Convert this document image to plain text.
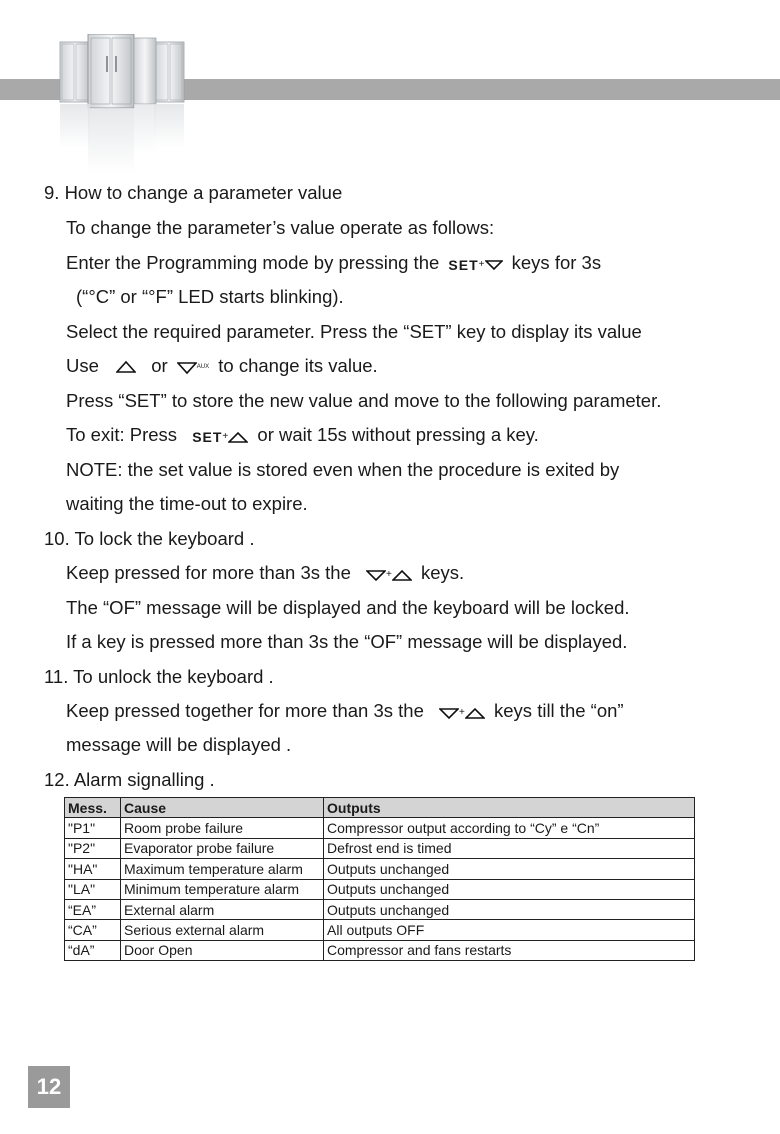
9. How to change a parameter value
To change the parameter’s value operate as follows:
Enter the Programming mode by pressing the SET+ keys for 3s
(“°C” or “°F” LED starts blinking).
Select the required parameter. Press the “SET” key to display its value
Use	or	AUX to change its value.
Press “SET” to store the new value and move to the following parameter.
To exit: Press SET+ or wait 15s without pressing a key.
NOTE: the set value is stored even when the procedure is exited by
waiting the time-out to expire.
10. To lock the keyboard .
Keep pressed for more than 3s the	+ keys.
The “OF” message will be displayed and the keyboard will be locked.
If a key is pressed more than 3s the “OF” message will be displayed.
11. To unlock the keyboard .
Keep pressed together for more than 3s the	+ keys till the “on”
message will be displayed .
12. Alarm signalling .
Mess.	Cause	Outputs
"P1"	Room probe failure	Compressor output according to “Cy” e “Cn”
"P2"	Evaporator probe failure	Defrost end is timed
"HA"	Maximum temperature alarm	Outputs unchanged
"LA"	Minimum temperature alarm	Outputs unchanged
“EA”	External alarm	Outputs unchanged
“CA”	Serious external alarm	All outputs OFF
“dA”	Door Open	Compressor and fans restarts
12
